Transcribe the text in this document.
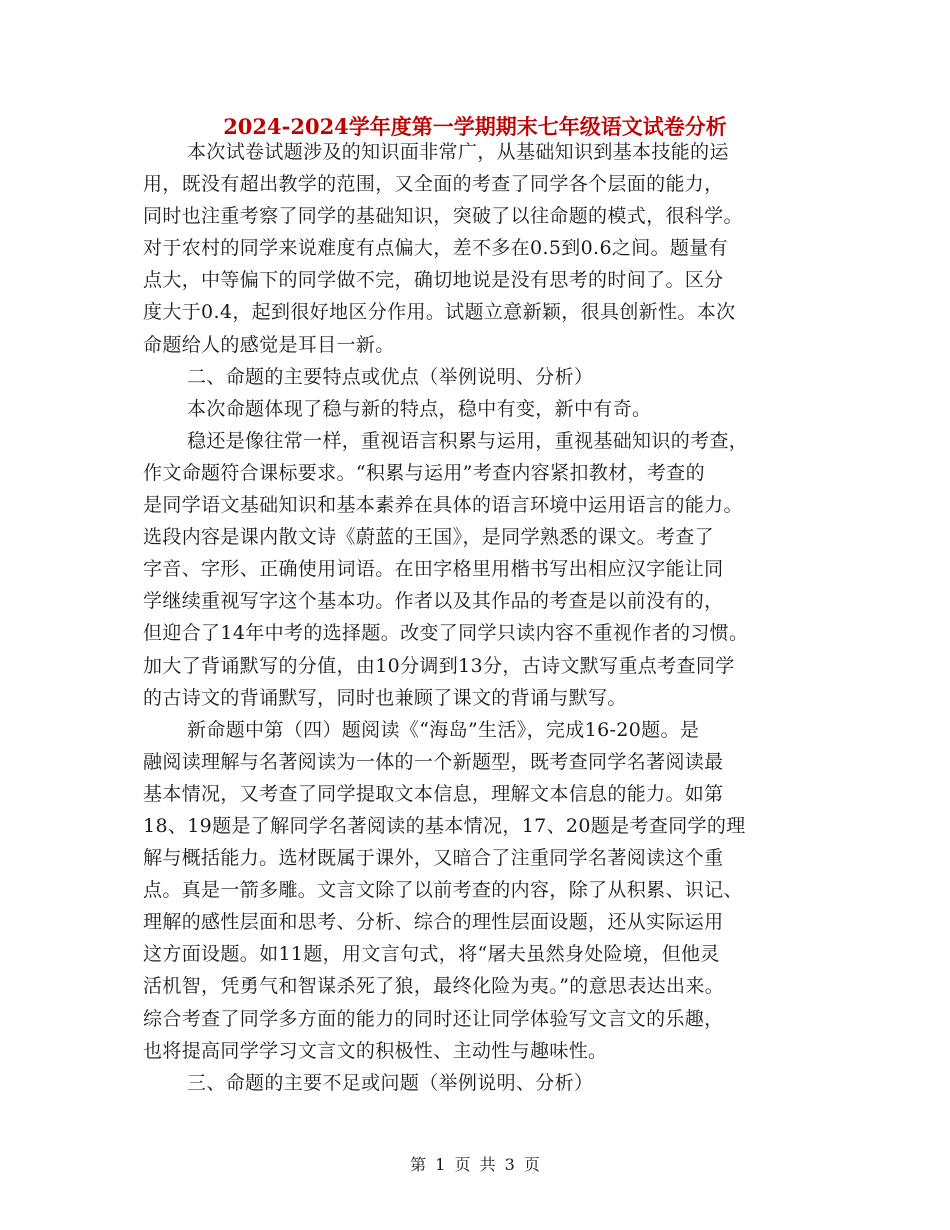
2024-2024学年度第一学期期末七年级语文试卷分析
本次试卷试题涉及的知识面非常广，从基础知识到基本技能的运
用，既没有超出教学的范围，又全面的考查了同学各个层面的能力，
同时也注重考察了同学的基础知识，突破了以往命题的模式，很科学。
对于农村的同学来说难度有点偏大，差不多在0.5到0.6之间。题量有
点大，中等偏下的同学做不完，确切地说是没有思考的时间了。区分
度大于0.4，起到很好地区分作用。试题立意新颖，很具创新性。本次
命题给人的感觉是耳目一新。
二、命题的主要特点或优点（举例说明、分析）
本次命题体现了稳与新的特点，稳中有变，新中有奇。
稳还是像往常一样，重视语言积累与运用，重视基础知识的考查，
作文命题符合课标要求。“积累与运用”考查内容紧扣教材，考查的
是同学语文基础知识和基本素养在具体的语言环境中运用语言的能力。
选段内容是课内散文诗《蔚蓝的王国》，是同学熟悉的课文。考查了
字音、字形、正确使用词语。在田字格里用楷书写出相应汉字能让同
学继续重视写字这个基本功。作者以及其作品的考查是以前没有的，
但迎合了14年中考的选择题。改变了同学只读内容不重视作者的习惯。
加大了背诵默写的分值，由10分调到13分，古诗文默写重点考查同学
的古诗文的背诵默写，同时也兼顾了课文的背诵与默写。
新命题中第（四）题阅读《“海岛”生活》，完成16-20题。是
融阅读理解与名著阅读为一体的一个新题型，既考查同学名著阅读最
基本情况，又考查了同学提取文本信息，理解文本信息的能力。如第
18、19题是了解同学名著阅读的基本情况，17、20题是考查同学的理
解与概括能力。选材既属于课外，又暗合了注重同学名著阅读这个重
点。真是一箭多雕。文言文除了以前考查的内容，除了从积累、识记、
理解的感性层面和思考、分析、综合的理性层面设题，还从实际运用
这方面设题。如11题，用文言句式，将“屠夫虽然身处险境，但他灵
活机智，凭勇气和智谋杀死了狼，最终化险为夷。”的意思表达出来。
综合考查了同学多方面的能力的同时还让同学体验写文言文的乐趣，
也将提高同学学习文言文的积极性、主动性与趣味性。
三、命题的主要不足或问题（举例说明、分析）
第 1 页 共 3 页
